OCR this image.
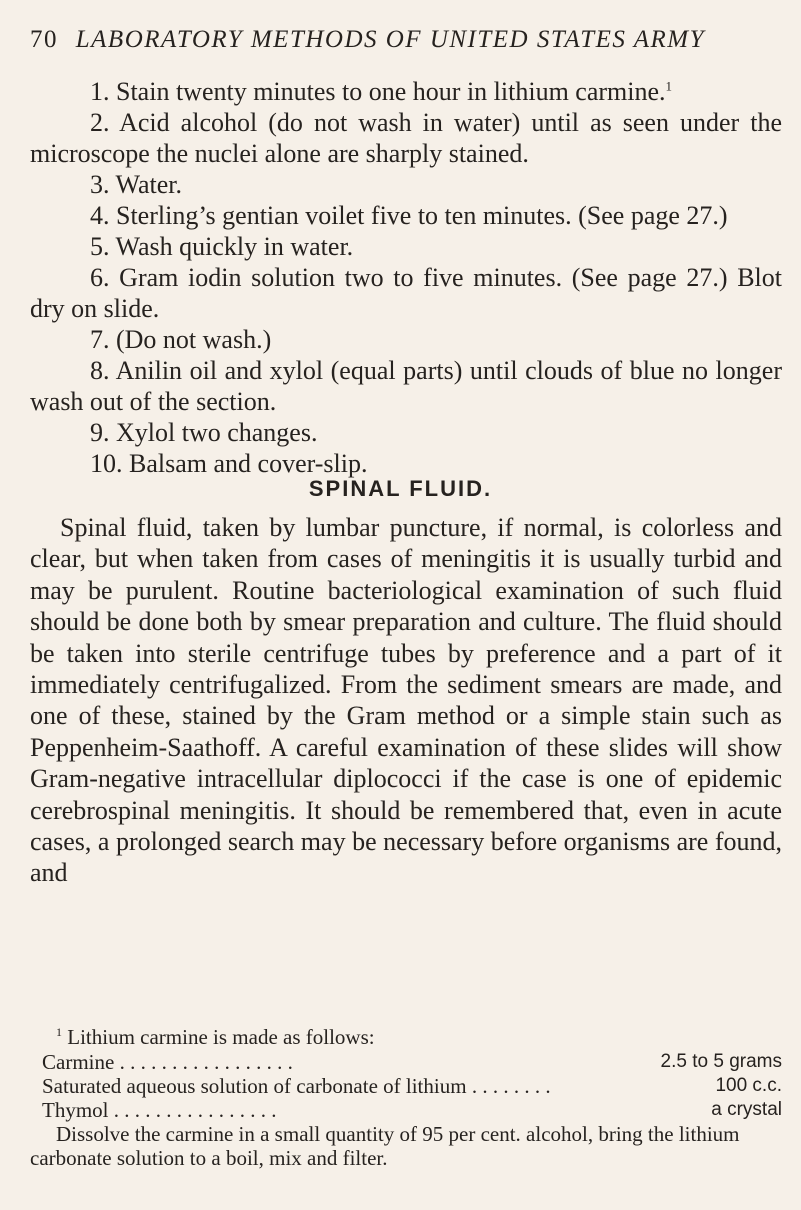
70 LABORATORY METHODS OF UNITED STATES ARMY
1. Stain twenty minutes to one hour in lithium carmine.$^1$
2. Acid alcohol (do not wash in water) until as seen under the microscope the nuclei alone are sharply stained.
3. Water.
4. Sterling’s gentian voilet five to ten minutes. (See page 27.)
5. Wash quickly in water.
6. Gram iodin solution two to five minutes. (See page 27.) Blot dry on slide.
7. (Do not wash.)
8. Anilin oil and xylol (equal parts) until clouds of blue no longer wash out of the section.
9. Xylol two changes.
10. Balsam and cover-slip.
SPINAL FLUID.
Spinal fluid, taken by lumbar puncture, if normal, is colorless and clear, but when taken from cases of meningitis it is usually turbid and may be purulent. Routine bacteriological examination of such fluid should be done both by smear preparation and culture. The fluid should be taken into sterile centrifuge tubes by preference and a part of it immediately centrifugalized. From the sediment smears are made, and one of these, stained by the Gram method or a simple stain such as Peppenheim-Saathoff. A careful examination of these slides will show Gram-negative intracellular diplococci if the case is one of epidemic cerebrospinal meningitis. It should be remembered that, even in acute cases, a prolonged search may be necessary before organisms are found, and
$^1$ Lithium carmine is made as follows:
Carmine . . . . . . . . . . . . . . . . .	2.5 to 5 grams
Saturated aqueous solution of carbonate of lithium . . . . . . . .	100 c.c.
Thymol . . . . . . . . . . . . . . . .	a crystal
Dissolve the carmine in a small quantity of 95 per cent. alcohol, bring the lithium carbonate solution to a boil, mix and filter.
